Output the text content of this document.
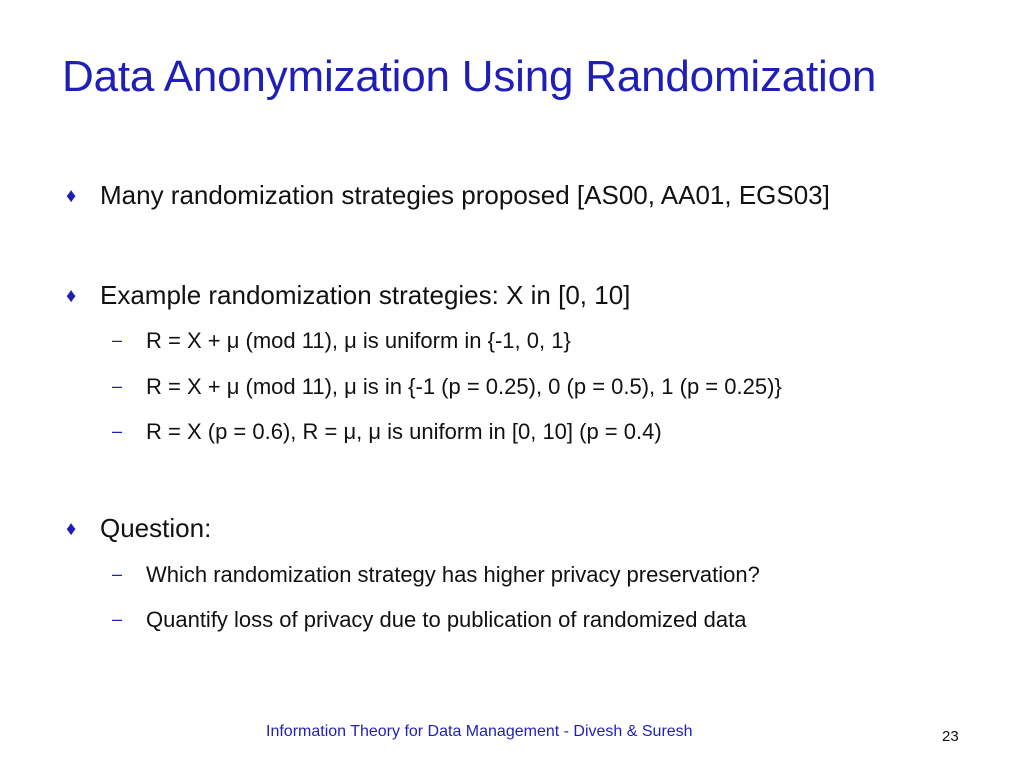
Data Anonymization Using Randomization
♦ Many randomization strategies proposed [AS00, AA01, EGS03]
♦ Example randomization strategies: X in [0, 10]
– R = X + μ (mod 11), μ is uniform in {-1, 0, 1}
– R = X + μ (mod 11), μ is in {-1 (p = 0.25), 0 (p = 0.5), 1 (p = 0.25)}
– R = X (p = 0.6), R = μ, μ is uniform in [0, 10] (p = 0.4)
♦ Question:
– Which randomization strategy has higher privacy preservation?
– Quantify loss of privacy due to publication of randomized data
Information Theory for Data Management - Divesh & Suresh	23
